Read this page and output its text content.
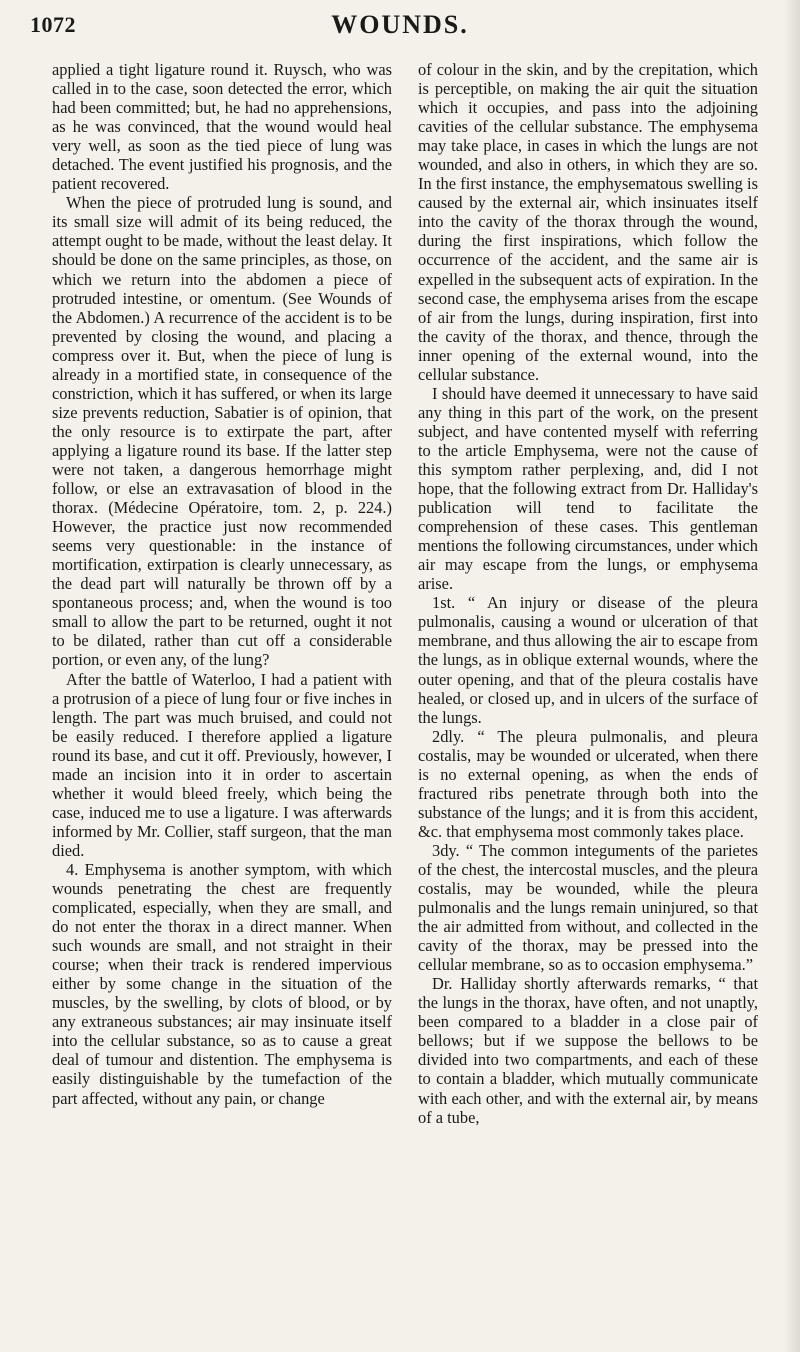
1072	WOUNDS.

applied a tight ligature round it. Ruysch, who was called in to the case, soon detected the error, which had been committed; but, he had no apprehensions, as he was convinced, that the wound would heal very well, as soon as the tied piece of lung was detached. The event justified his prognosis, and the patient recovered.

When the piece of protruded lung is sound, and its small size will admit of its being reduced, the attempt ought to be made, without the least delay. It should be done on the same principles, as those, on which we return into the abdomen a piece of protruded intestine, or omentum. (See Wounds of the Abdomen.) A recurrence of the accident is to be prevented by closing the wound, and placing a compress over it. But, when the piece of lung is already in a mortified state, in consequence of the constriction, which it has suffered, or when its large size prevents reduction, Sabatier is of opinion, that the only resource is to extirpate the part, after applying a ligature round its base. If the latter step were not taken, a dangerous hemorrhage might follow, or else an extravasation of blood in the thorax. (Médecine Opératoire, tom. 2, p. 224.) However, the practice just now recommended seems very questionable: in the instance of mortification, extirpation is clearly unnecessary, as the dead part will naturally be thrown off by a spontaneous process; and, when the wound is too small to allow the part to be returned, ought it not to be dilated, rather than cut off a considerable portion, or even any, of the lung?

After the battle of Waterloo, I had a patient with a protrusion of a piece of lung four or five inches in length. The part was much bruised, and could not be easily reduced. I therefore applied a ligature round its base, and cut it off. Previously, however, I made an incision into it in order to ascertain whether it would bleed freely, which being the case, induced me to use a ligature. I was afterwards informed by Mr. Collier, staff surgeon, that the man died.

4. Emphysema is another symptom, with which wounds penetrating the chest are frequently complicated, especially, when they are small, and do not enter the thorax in a direct manner. When such wounds are small, and not straight in their course; when their track is rendered impervious either by some change in the situation of the muscles, by the swelling, by clots of blood, or by any extraneous substances; air may insinuate itself into the cellular substance, so as to cause a great deal of tumour and distention. The emphysema is easily distinguishable by the tumefaction of the part affected, without any pain, or change

of colour in the skin, and by the crepitation, which is perceptible, on making the air quit the situation which it occupies, and pass into the adjoining cavities of the cellular substance. The emphysema may take place, in cases in which the lungs are not wounded, and also in others, in which they are so. In the first instance, the emphysematous swelling is caused by the external air, which insinuates itself into the cavity of the thorax through the wound, during the first inspirations, which follow the occurrence of the accident, and the same air is expelled in the subsequent acts of expiration. In the second case, the emphysema arises from the escape of air from the lungs, during inspiration, first into the cavity of the thorax, and thence, through the inner opening of the external wound, into the cellular substance.

I should have deemed it unnecessary to have said any thing in this part of the work, on the present subject, and have contented myself with referring to the article Emphysema, were not the cause of this symptom rather perplexing, and, did I not hope, that the following extract from Dr. Halliday's publication will tend to facilitate the comprehension of these cases. This gentleman mentions the following circumstances, under which air may escape from the lungs, or emphysema arise.

1st. “ An injury or disease of the pleura pulmonalis, causing a wound or ulceration of that membrane, and thus allowing the air to escape from the lungs, as in oblique external wounds, where the outer opening, and that of the pleura costalis have healed, or closed up, and in ulcers of the surface of the lungs.

2dly. “ The pleura pulmonalis, and pleura costalis, may be wounded or ulcerated, when there is no external opening, as when the ends of fractured ribs penetrate through both into the substance of the lungs; and it is from this accident, &c. that emphysema most commonly takes place.

3dy. “ The common integuments of the parietes of the chest, the intercostal muscles, and the pleura costalis, may be wounded, while the pleura pulmonalis and the lungs remain uninjured, so that the air admitted from without, and collected in the cavity of the thorax, may be pressed into the cellular membrane, so as to occasion emphysema.”

Dr. Halliday shortly afterwards remarks, “ that the lungs in the thorax, have often, and not unaptly, been compared to a bladder in a close pair of bellows; but if we suppose the bellows to be divided into two compartments, and each of these to contain a bladder, which mutually communicate with each other, and with the external air, by means of a tube,
